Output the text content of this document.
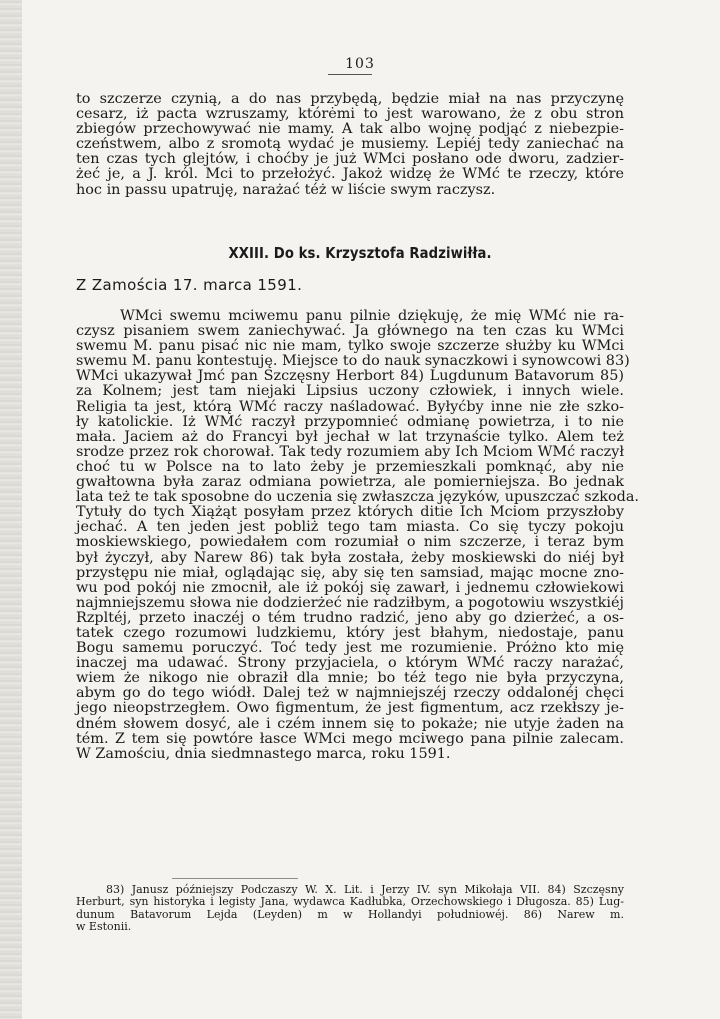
103
to szczerze czynią, a do nas przybędą, będzie miał na nas przyczynę
cesarz, iż pacta wzruszamy, którėmi to jest warowano, że z obu stron
zbiegów przechowywać nie mamy. A tak albo wojnę podjąć z niebezpie-
czeństwem, albo z sromotą wydać je musiemy. Lepiéj tedy zaniechać na
ten czas tych glejtów, i choćby je już WMci posłano ode dworu, zadzier-
żeć je, a J. król. Mci to przełożyć. Jakoż widzę że WMć te rzeczy, które
hoc in passu upatruję, narażać téż w liście swym raczysz.
XXIII. Do ks. Krzysztofa Radziwiłła.
Z Zamościa 17. marca 1591.
WMci swemu mciwemu panu pilnie dziękuję, że mię WMć nie ra-
czysz pisaniem swem zaniechywać. Ja głównego na ten czas ku WMci
swemu M. panu pisać nic nie mam, tylko swoje szczerze służby ku WMci
swemu M. panu kontestuję. Miejsce to do nauk synaczkowi i synowcowi 83)
WMci ukazywał Jmć pan Szczęsny Herbort 84) Lugdunum Batavorum 85)
za Kolnem; jest tam niejaki Lipsius uczony człowiek, i innych wiele.
Religia ta jest, którą WMć raczy naśladować. Byłyćby inne nie złe szko-
ły katolickie. Iż WMć raczył przypomnieć odmianę powietrza, i to nie
mała. Jaciem aż do Francyi był jechał w lat trzynaście tylko. Alem też
srodze przez rok chorował. Tak tedy rozumiem aby Ich Mciom WMć raczył
choć tu w Polsce na to lato żeby je przemieszkali pomknąć, aby nie
gwałtowna była zaraz odmiana powietrza, ale pomierniejsza. Bo jednak
lata też te tak sposobne do uczenia się zwłaszcza języków, upuszczać szkoda.
Tytuły do tych Xiążąt posyłam przez których ditie Ich Mciom przyszłoby
jechać. A ten jeden jest pobliż tego tam miasta. Co się tyczy pokoju
moskiewskiego, powiedałem com rozumiał o nim szczerze, i teraz bym
był życzył, aby Narew 86) tak była została, żeby moskiewski do niéj był
przystępu nie miał, oglądając się, aby się ten samsiad, mając mocne zno-
wu pod pokój nie zmocnił, ale iż pokój się zawarł, i jednemu człowiekowi
najmniejszemu słowa nie dodzierżeć nie radziłbym, a pogotowiu wszystkiéj
Rzpltéj, przeto inaczéj o tém trudno radzić, jeno aby go dzierżeć, a os-
tatek czego rozumowi ludzkiemu, który jest błahym, niedostaje, panu
Bogu samemu poruczyć. Toć tedy jest me rozumienie. Próżno kto mię
inaczej ma udawać. Strony przyjaciela, o którym WMć raczy narażać,
wiem że nikogo nie obraził dla mnie; bo téż tego nie była przyczyna,
abym go do tego wiódł. Dalej też w najmniejszéj rzeczy oddalonéj chęci
jego nieopstrzegłem. Owo figmentum, że jest figmentum, acz rzekłszy je-
dném słowem dosyć, ale i czém innem się to pokaże; nie utyje żaden na
tém. Z tem się powtóre łasce WMci mego mciwego pana pilnie zalecam.
W Zamościu, dnia siedmnastego marca, roku 1591.
83) Janusz późniejszy Podczaszy W. X. Lit. i Jerzy IV. syn Mikołaja VII. 84) Szczęsny
Herburt, syn historyka i legisty Jana, wydawca Kadłubka, Orzechowskiego i Długosza. 85) Lug-
dunum Batavorum Lejda (Leyden) m w Hollandyi południowéj. 86) Narew m.
w Estonii.
